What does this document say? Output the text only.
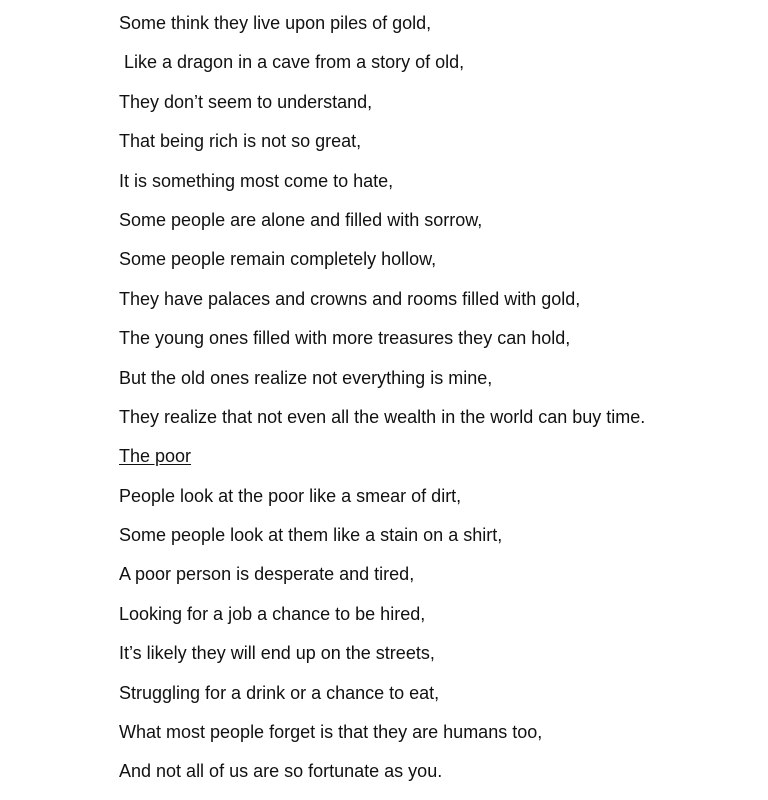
Some think they live upon piles of gold,
Like a dragon in a cave from a story of old,
They don’t seem to understand,
That being rich is not so great,
It is something most come to hate,
Some people are alone and filled with sorrow,
Some people remain completely hollow,
They have palaces and crowns and rooms filled with gold,
The young ones filled with more treasures they can hold,
But the old ones realize not everything is mine,
They realize that not even all the wealth in the world can buy time.
The poor
People look at the poor like a smear of dirt,
Some people look at them like a stain on a shirt,
A poor person is desperate and tired,
Looking for a job a chance to be hired,
It’s likely they will end up on the streets,
Struggling for a drink or a chance to eat,
What most people forget is that they are humans too,
And not all of us are so fortunate as you.
